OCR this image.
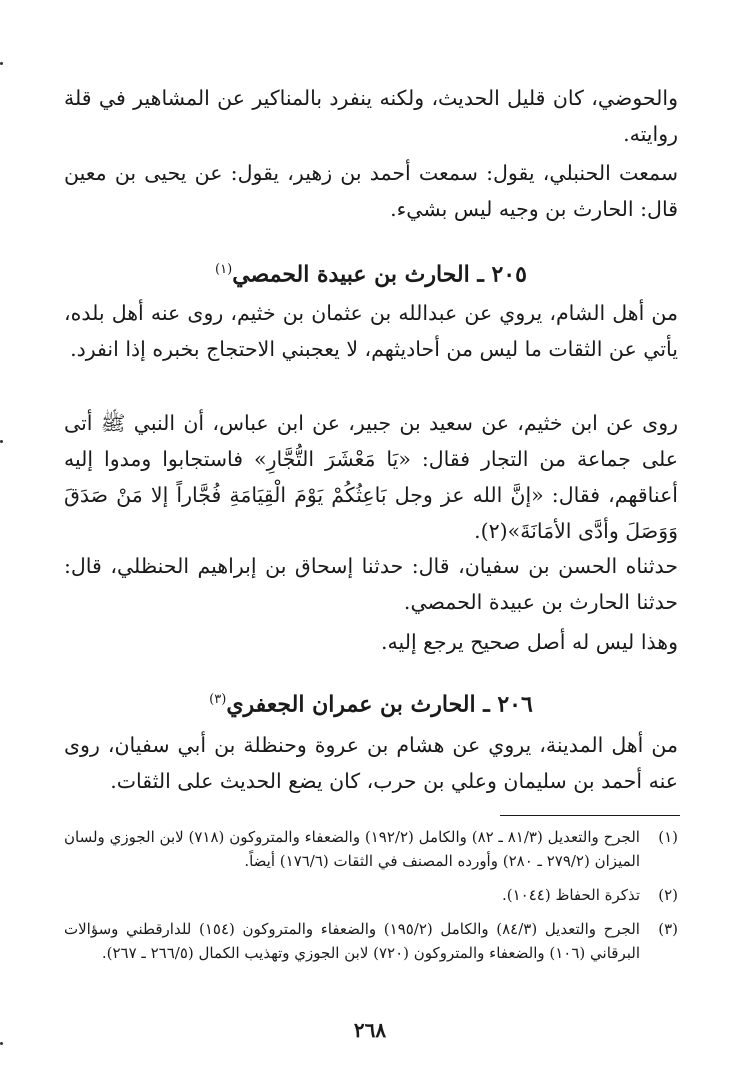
والحوضي، كان قليل الحديث، ولكنه ينفرد بالمناكير عن المشاهير في قلة روايته.

سمعت الحنبلي، يقول: سمعت أحمد بن زهير، يقول: عن يحيى بن معين قال: الحارث بن وجيه ليس بشيء.

٢٠٥ ـ الحارث بن عبيدة الحمصي$^{(١)}$

من أهل الشام، يروي عن عبدالله بن عثمان بن خثيم، روى عنه أهل بلده، يأتي عن الثقات ما ليس من أحاديثهم، لا يعجبني الاحتجاج بخبره إذا انفرد.

روى عن ابن خثيم، عن سعيد بن جبير، عن ابن عباس، أن النبي ﷺ أتى على جماعة من التجار فقال: «يَا مَعْشَرَ التُّجَّارِ» فاستجابوا ومدوا إليه أعناقهم، فقال: «إنَّ الله عز وجل بَاعِثُكُمْ يَوْمَ الْقِيَامَةِ فُجَّاراً إلا مَنْ صَدَقَ وَوَصَلَ وأدَّى الأمَانَةَ»(٢).

حدثناه الحسن بن سفيان، قال: حدثنا إسحاق بن إبراهيم الحنظلي، قال: حدثنا الحارث بن عبيدة الحمصي.

وهذا ليس له أصل صحيح يرجع إليه.

٢٠٦ ـ الحارث بن عمران الجعفري$^{(٣)}$

من أهل المدينة، يروي عن هشام بن عروة وحنظلة بن أبي سفيان، روى عنه أحمد بن سليمان وعلي بن حرب، كان يضع الحديث على الثقات.

(١)
الجرح والتعديل (٨١/٣ ـ ٨٢) والكامل (١٩٢/٢) والضعفاء والمتروكون (٧١٨) لابن الجوزي ولسان الميزان (٢٧٩/٢ ـ ٢٨٠) وأورده المصنف في الثقات (١٧٦/٦) أيضاً.
(٢)
تذكرة الحفاظ (١٠٤٤).
(٣)
الجرح والتعديل (٨٤/٣) والكامل (١٩٥/٢) والضعفاء والمتروكون (١٥٤) للدارقطني وسؤالات البرقاني (١٠٦) والضعفاء والمتروكون (٧٢٠) لابن الجوزي وتهذيب الكمال (٢٦٦/٥ ـ ٢٦٧).
٢٦٨
